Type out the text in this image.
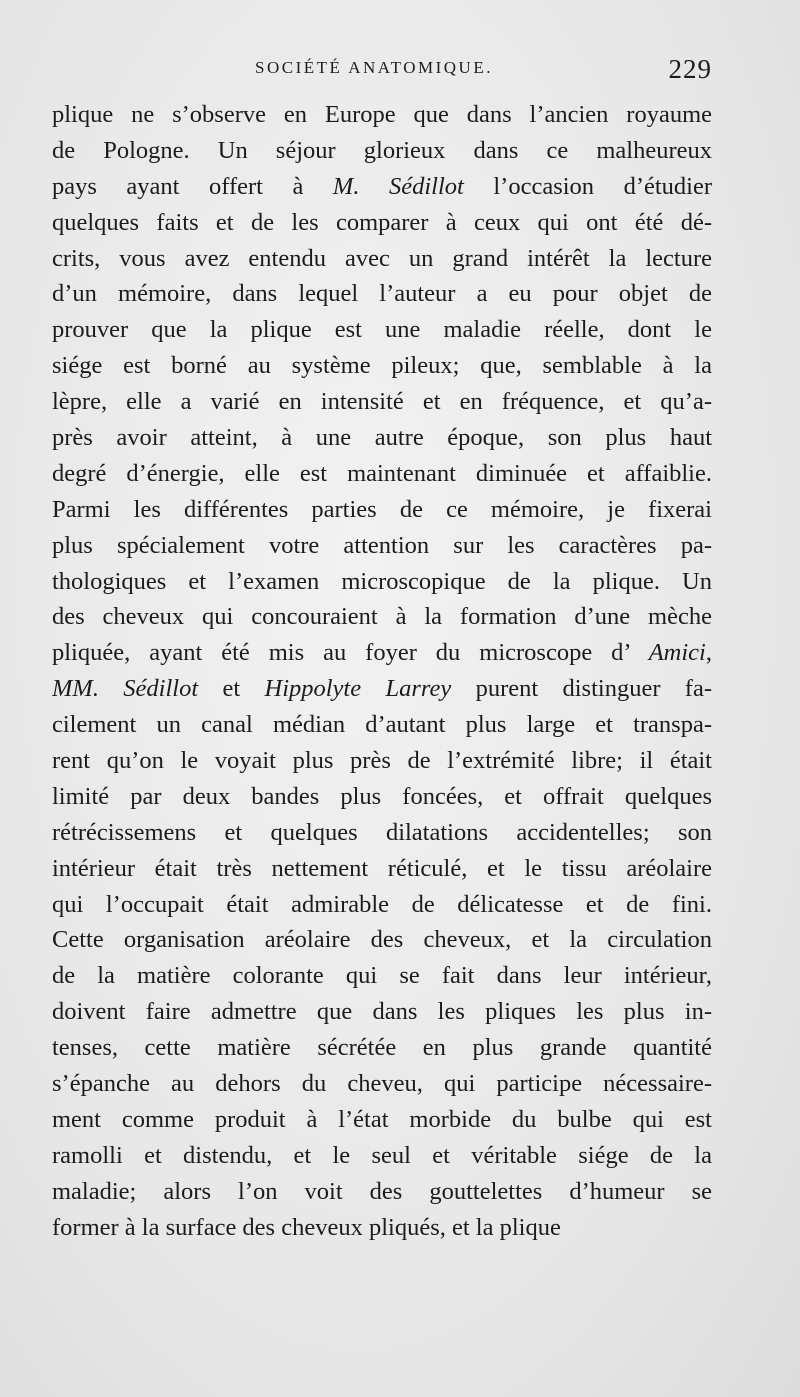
SOCIÉTÉ ANATOMIQUE.	229
plique ne s’observe en Europe que dans l’ancien royaume
de Pologne. Un séjour glorieux dans ce malheureux
pays ayant offert à M. Sédillot l’occasion d’étudier
quelques faits et de les comparer à ceux qui ont été dé-
crits, vous avez entendu avec un grand intérêt la lecture
d’un mémoire, dans lequel l’auteur a eu pour objet de
prouver que la plique est une maladie réelle, dont le
siége est borné au système pileux; que, semblable à la
lèpre, elle a varié en intensité et en fréquence, et qu’a-
près avoir atteint, à une autre époque, son plus haut
degré d’énergie, elle est maintenant diminuée et affaiblie.
Parmi les différentes parties de ce mémoire, je fixerai
plus spécialement votre attention sur les caractères pa-
thologiques et l’examen microscopique de la plique. Un
des cheveux qui concouraient à la formation d’une mèche
pliquée, ayant été mis au foyer du microscope d’ Amici,
MM. Sédillot et Hippolyte Larrey purent distinguer fa-
cilement un canal médian d’autant plus large et transpa-
rent qu’on le voyait plus près de l’extrémité libre; il était
limité par deux bandes plus foncées, et offrait quelques
rétrécissemens et quelques dilatations accidentelles; son
intérieur était très nettement réticulé, et le tissu aréolaire
qui l’occupait était admirable de délicatesse et de fini.
Cette organisation aréolaire des cheveux, et la circulation
de la matière colorante qui se fait dans leur intérieur,
doivent faire admettre que dans les pliques les plus in-
tenses, cette matière sécrétée en plus grande quantité
s’épanche au dehors du cheveu, qui participe nécessaire-
ment comme produit à l’état morbide du bulbe qui est
ramolli et distendu, et le seul et véritable siége de la
maladie; alors l’on voit des gouttelettes d’humeur se
former à la surface des cheveux pliqués, et la plique
